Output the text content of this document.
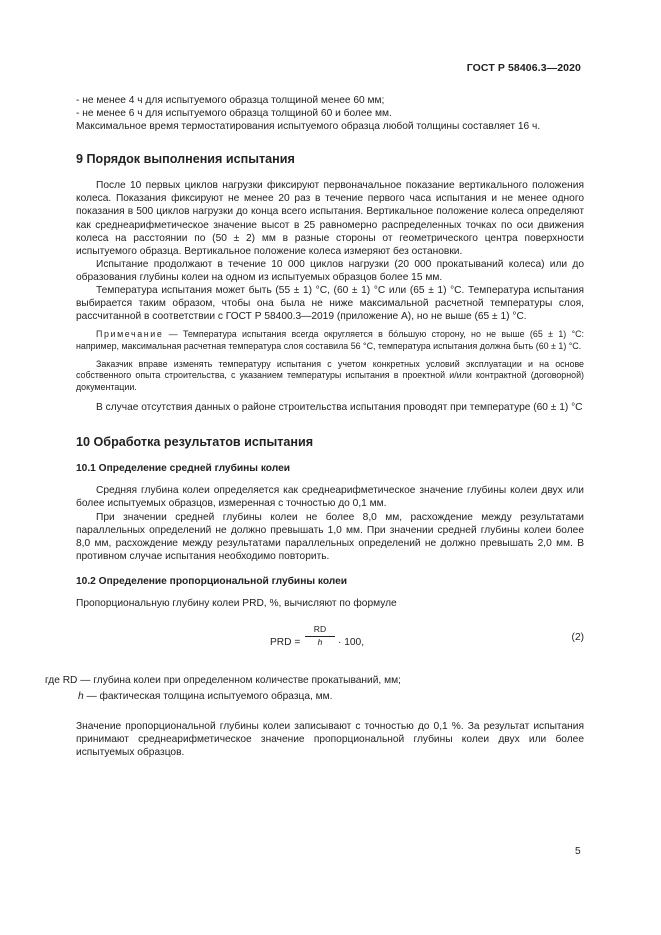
ГОСТ Р 58406.3—2020

- не менее 4 ч для испытуемого образца толщиной менее 60 мм;

- не менее 6 ч для испытуемого образца толщиной 60 и более мм.

Максимальное время термостатирования испытуемого образца любой толщины составляет 16 ч.

9 Порядок выполнения испытания

После 10 первых циклов нагрузки фиксируют первоначальное показание вертикального положения колеса. Показания фиксируют не менее 20 раз в течение первого часа испытания и не менее одного показания в 500 циклов нагрузки до конца всего испытания. Вертикальное положение колеса определяют как среднеарифметическое значение высот в 25 равномерно распределенных точках по оси движения колеса на расстоянии по (50 ± 2) мм в разные стороны от геометрического центра поверхности испытуемого образца. Вертикальное положение колеса измеряют без остановки.

Испытание продолжают в течение 10 000 циклов нагрузки (20 000 прокатываний колеса) или до образования глубины колеи на одном из испытуемых образцов более 15 мм.

Температура испытания может быть (55 ± 1) °С, (60 ± 1) °С или (65 ± 1) °С. Температура испытания выбирается таким образом, чтобы она была не ниже максимальной расчетной температуры слоя, рассчитанной в соответствии с ГОСТ Р 58400.3—2019 (приложение А), но не выше (65 ± 1) °С.

Примечание — Температура испытания всегда округляется в бо́льшую сторону, но не выше (65 ± 1) °С: например, максимальная расчетная температура слоя составила 56 °С, температура испытания должна быть (60 ± 1) °С.

Заказчик вправе изменять температуру испытания с учетом конкретных условий эксплуатации и на основе собственного опыта строительства, с указанием температуры испытания в проектной и/или контрактной (договорной) документации.

В случае отсутствия данных о районе строительства испытания проводят при температуре (60 ± 1) °С

10 Обработка результатов испытания
10.1 Определение средней глубины колеи

Средняя глубина колеи определяется как среднеарифметическое значение глубины колеи двух или более испытуемых образцов, измеренная с точностью до 0,1 мм.

При значении средней глубины колеи не более 8,0 мм, расхождение между результатами параллельных определений не должно превышать 1,0 мм. При значении средней глубины колеи более 8,0 мм, расхождение между результатами параллельных определений не должно превышать 2,0 мм. В противном случае испытания необходимо повторить.

10.2 Определение пропорциональной глубины колеи

Пропорциональную глубину колеи PRD, %, вычисляют по формуле

PRD = $\frac{RD}{h} \cdot 100$,	(2)

где RD — глубина колеи при определенном количестве прокатываний, мм;

h — фактическая толщина испытуемого образца, мм.

Значение пропорциональной глубины колеи записывают с точностью до 0,1 %. За результат испытания принимают среднеарифметическое значение пропорциональной глубины колеи двух или более испытуемых образцов.

5
